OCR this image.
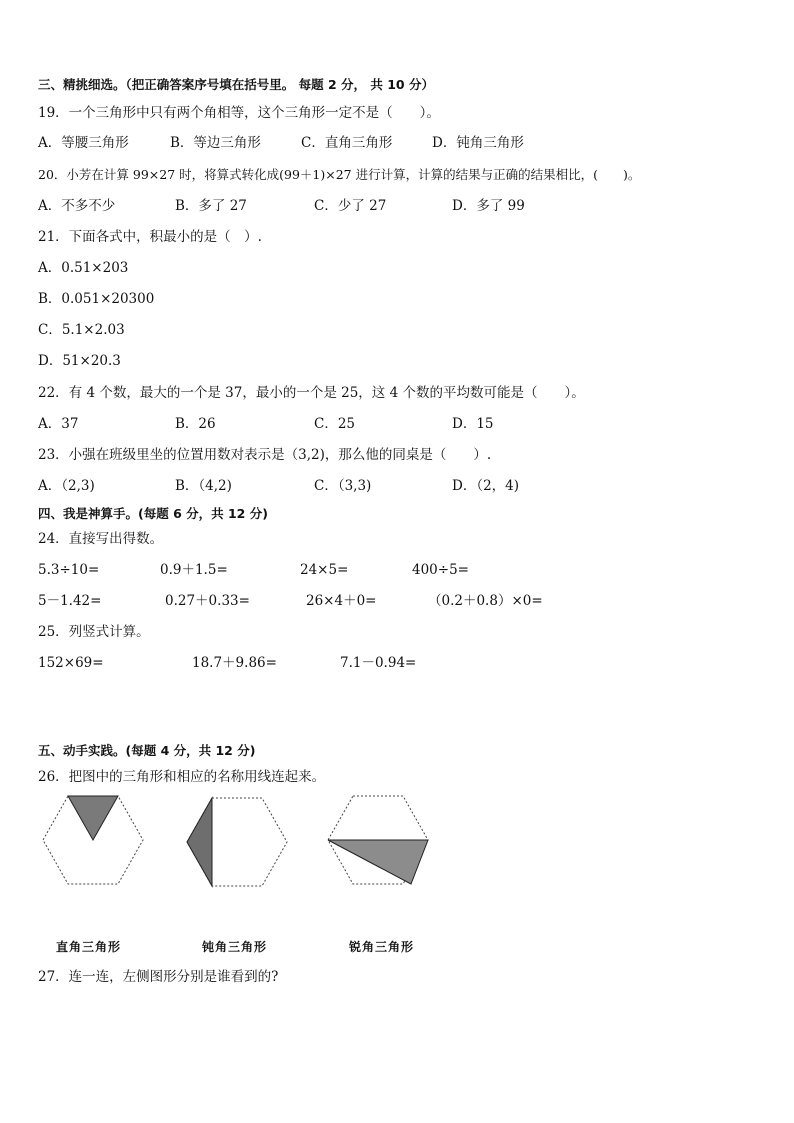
三、精挑细选。（把正确答案序号填在括号里。 每题 2 分， 共 10 分）
19．一个三角形中只有两个角相等，这个三角形一定不是（　　）。
A．等腰三角形	B．等边三角形	C．直角三角形	D．钝角三角形
20．小芳在计算 99×27 时，将算式转化成(99＋1)×27 进行计算，计算的结果与正确的结果相比，(　　)。
A．不多不少	B．多了 27	C．少了 27	D．多了 99
21．下面各式中，积最小的是（　）.
A．0.51×203
B．0.051×20300
C．5.1×2.03
D．51×20.3
22．有 4 个数，最大的一个是 37，最小的一个是 25，这 4 个数的平均数可能是（　　）。
A．37	B．26	C．25	D．15
23．小强在班级里坐的位置用数对表示是（3,2)，那么他的同桌是（　　）.
A．（2,3)	B．（4,2)	C．（3,3)	D．（2，4)
四、我是神算手。(每题 6 分，共 12 分)
24．直接写出得数。
5.3÷10=	0.9＋1.5=	24×5=	400÷5=
5－1.42=	0.27＋0.33=	26×4＋0=	（0.2＋0.8）×0=
25．列竖式计算。
152×69=	18.7＋9.86=	7.1－0.94=
五、动手实践。(每题 4 分，共 12 分)
26．把图中的三角形和相应的名称用线连起来。
直角三角形	钝角三角形	锐角三角形
27．连一连，左侧图形分别是谁看到的?
